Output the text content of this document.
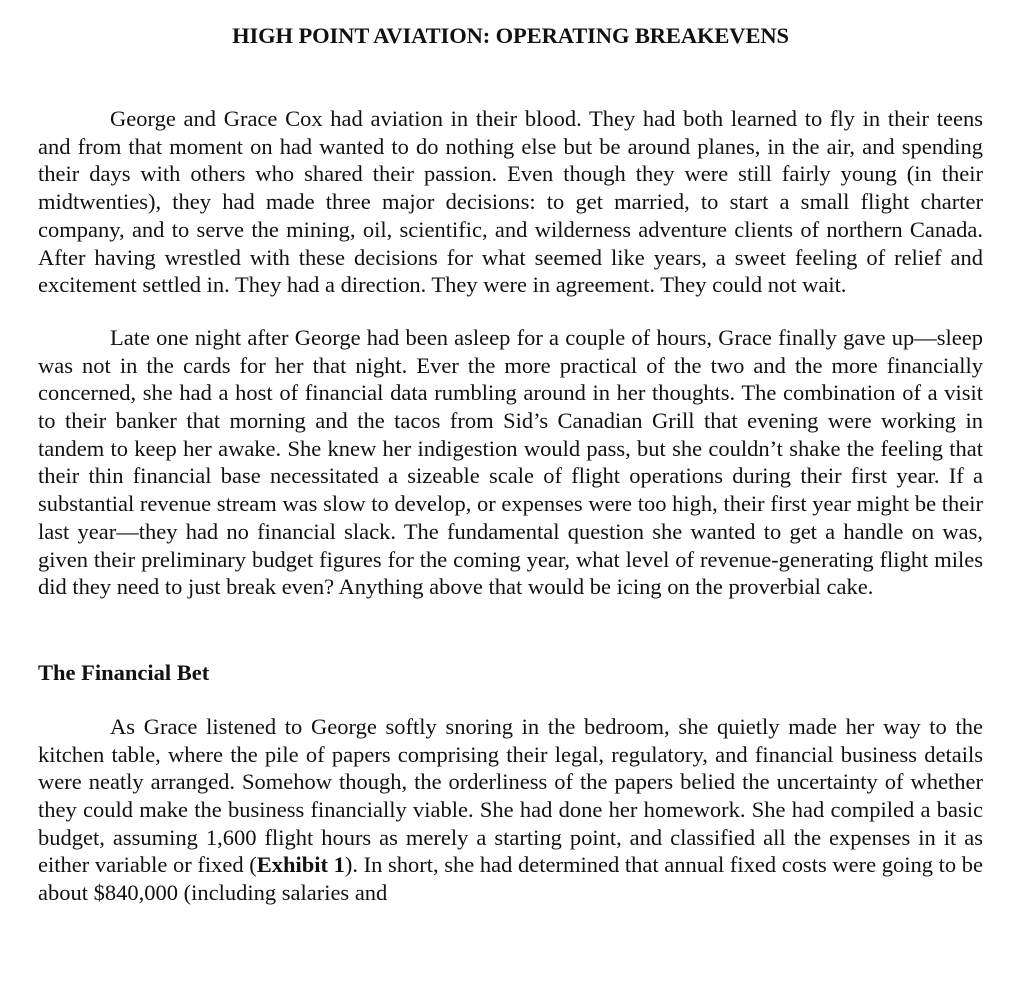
HIGH POINT AVIATION: OPERATING BREAKEVENS

George and Grace Cox had aviation in their blood. They had both learned to fly in their teens and from that moment on had wanted to do nothing else but be around planes, in the air, and spending their days with others who shared their passion. Even though they were still fairly young (in their midtwenties), they had made three major decisions: to get married, to start a small flight charter company, and to serve the mining, oil, scientific, and wilderness adventure clients of northern Canada. After having wrestled with these decisions for what seemed like years, a sweet feeling of relief and excitement settled in. They had a direction. They were in agreement. They could not wait.

Late one night after George had been asleep for a couple of hours, Grace finally gave up—sleep was not in the cards for her that night. Ever the more practical of the two and the more financially concerned, she had a host of financial data rumbling around in her thoughts. The combination of a visit to their banker that morning and the tacos from Sid’s Canadian Grill that evening were working in tandem to keep her awake. She knew her indigestion would pass, but she couldn’t shake the feeling that their thin financial base necessitated a sizeable scale of flight operations during their first year. If a substantial revenue stream was slow to develop, or expenses were too high, their first year might be their last year—they had no financial slack. The fundamental question she wanted to get a handle on was, given their preliminary budget figures for the coming year, what level of revenue-generating flight miles did they need to just break even? Anything above that would be icing on the proverbial cake.

The Financial Bet

As Grace listened to George softly snoring in the bedroom, she quietly made her way to the kitchen table, where the pile of papers comprising their legal, regulatory, and financial business details were neatly arranged. Somehow though, the orderliness of the papers belied the uncertainty of whether they could make the business financially viable. She had done her homework. She had compiled a basic budget, assuming 1,600 flight hours as merely a starting point, and classified all the expenses in it as either variable or fixed (Exhibit 1). In short, she had determined that annual fixed costs were going to be about $840,000 (including salaries and
